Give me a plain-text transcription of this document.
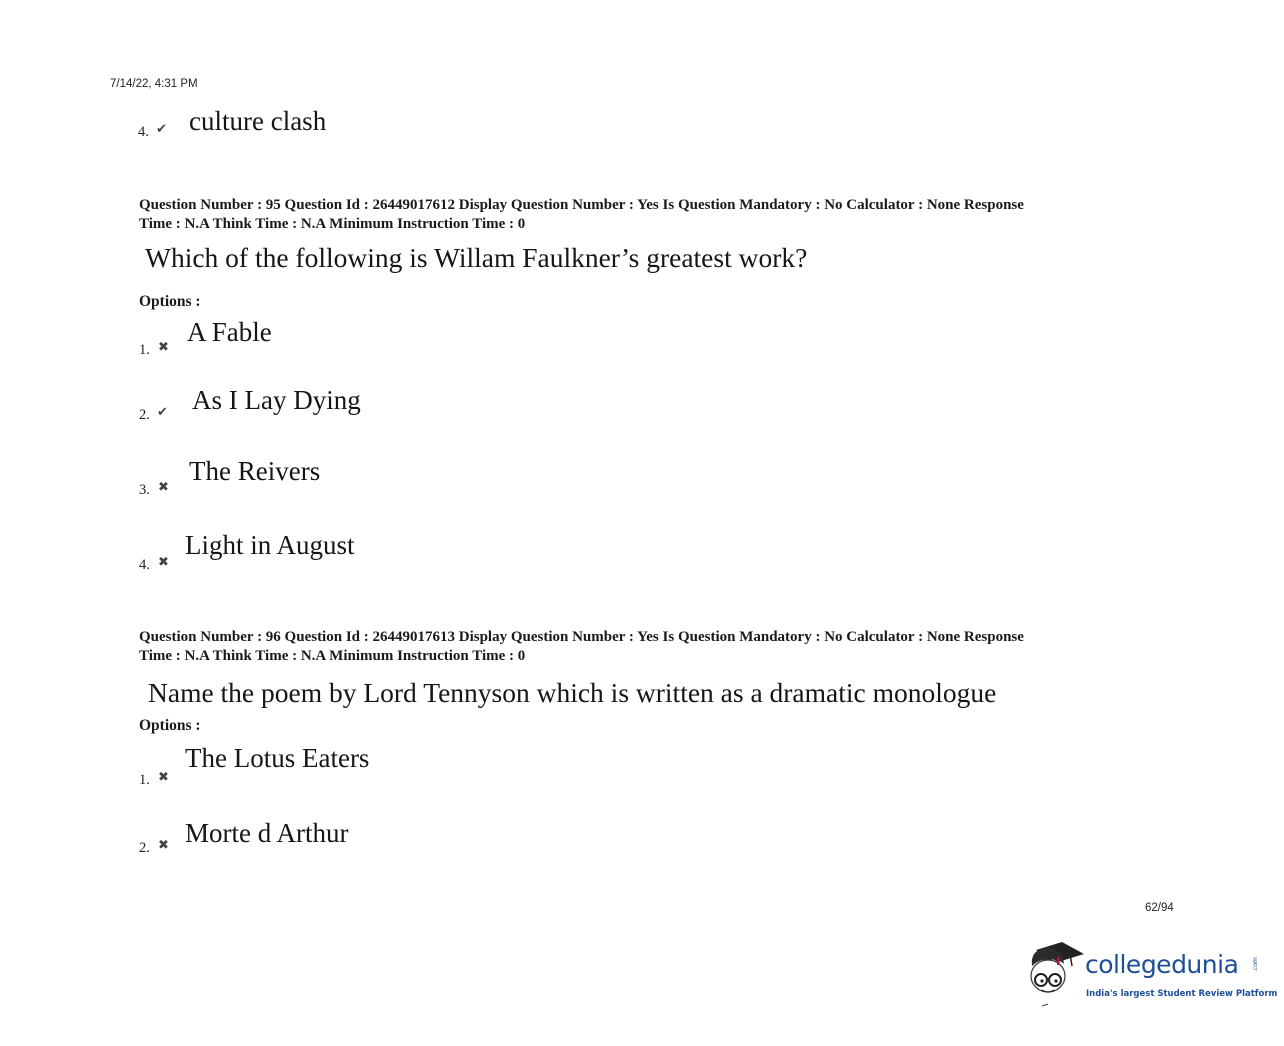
7/14/22, 4:31 PM
4. ✔ culture clash
Question Number : 95 Question Id : 26449017612 Display Question Number : Yes Is Question Mandatory : No Calculator : None Response
Time : N.A Think Time : N.A Minimum Instruction Time : 0
Which of the following is Willam Faulkner’s greatest work?
Options :
1. ✖
A Fable
2. ✔ As I Lay Dying
3. ✖
The Reivers
4. ✖
Light in August
Question Number : 96 Question Id : 26449017613 Display Question Number : Yes Is Question Mandatory : No Calculator : None Response
Time : N.A Think Time : N.A Minimum Instruction Time : 0
Name the poem by Lord Tennyson which is written as a dramatic monologue
Options :
1. ✖
The Lotus Eaters
2. ✖ Morte d Arthur
62/94
collegedunia .com
India's largest Student Review Platform
